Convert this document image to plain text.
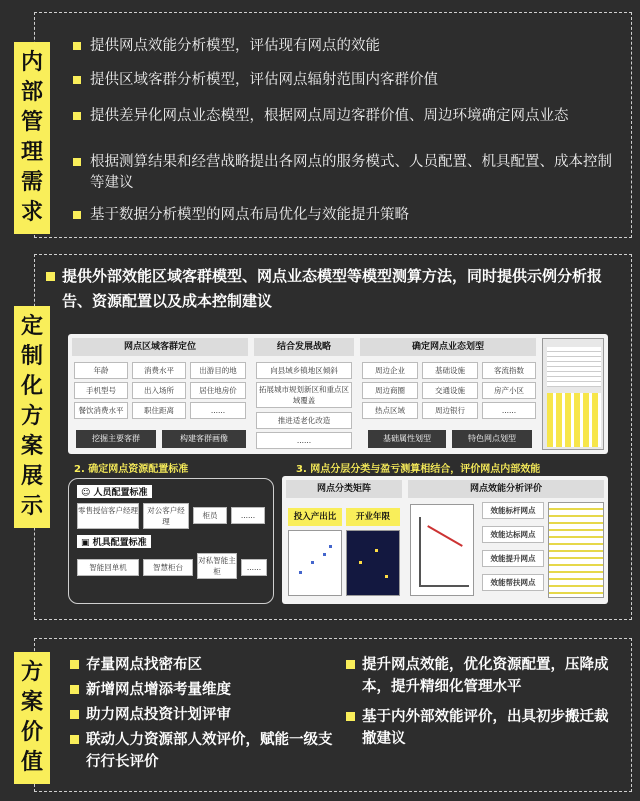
内
部
管
理
需
求
提供网点效能分析模型，评估现有网点的效能
提供区域客群分析模型，评估网点辐射范围内客群价值
提供差异化网点业态模型，根据网点周边客群价值、周边环境确定网点业态
根据测算结果和经营战略提出各网点的服务模式、人员配置、机具配置、成本控制等建议
基于数据分析模型的网点布局优化与效能提升策略
定
制
化
方
案
展
示
提供外部效能区域客群模型、网点业态模型等模型测算方法，同时提供示例分析报告、资源配置以及成本控制建议
网点区域客群定位	结合发展战略	确定网点业态划型
年龄	消费水平	出游目的地
手机型号	出入场所	居住地房价
餐饮消费水平	职住距离	......
挖掘主要客群	构建客群画像
向县域乡镇地区倾斜
拓展城市规划新区和重点区域覆盖
推进适老化改造
......
周边企业	基础设施	客流指数
周边商圈	交通设施	房产小区
热点区域	周边银行	......
基础属性划型	特色网点划型
2. 确定网点资源配置标准	3. 网点分层分类与盈亏测算相结合，评价网点内部效能
☺ 人员配置标准
零售授信客户经理	对公客户经理
柜员	......
▣ 机具配置标准
智能回单机	智慧柜台
对私智能主柜	......
网点分类矩阵	网点效能分析评价
投入产出比	开业年限
效能标杆网点
效能达标网点
效能提升网点
效能帮扶网点
方
案
价
值
存量网点找密布区
新增网点增添考量维度
助力网点投资计划评审
联动人力资源部人效评价，赋能一级支行行长评价
提升网点效能，优化资源配置，压降成本，提升精细化管理水平
基于内外部效能评价，出具初步搬迁裁撤建议
